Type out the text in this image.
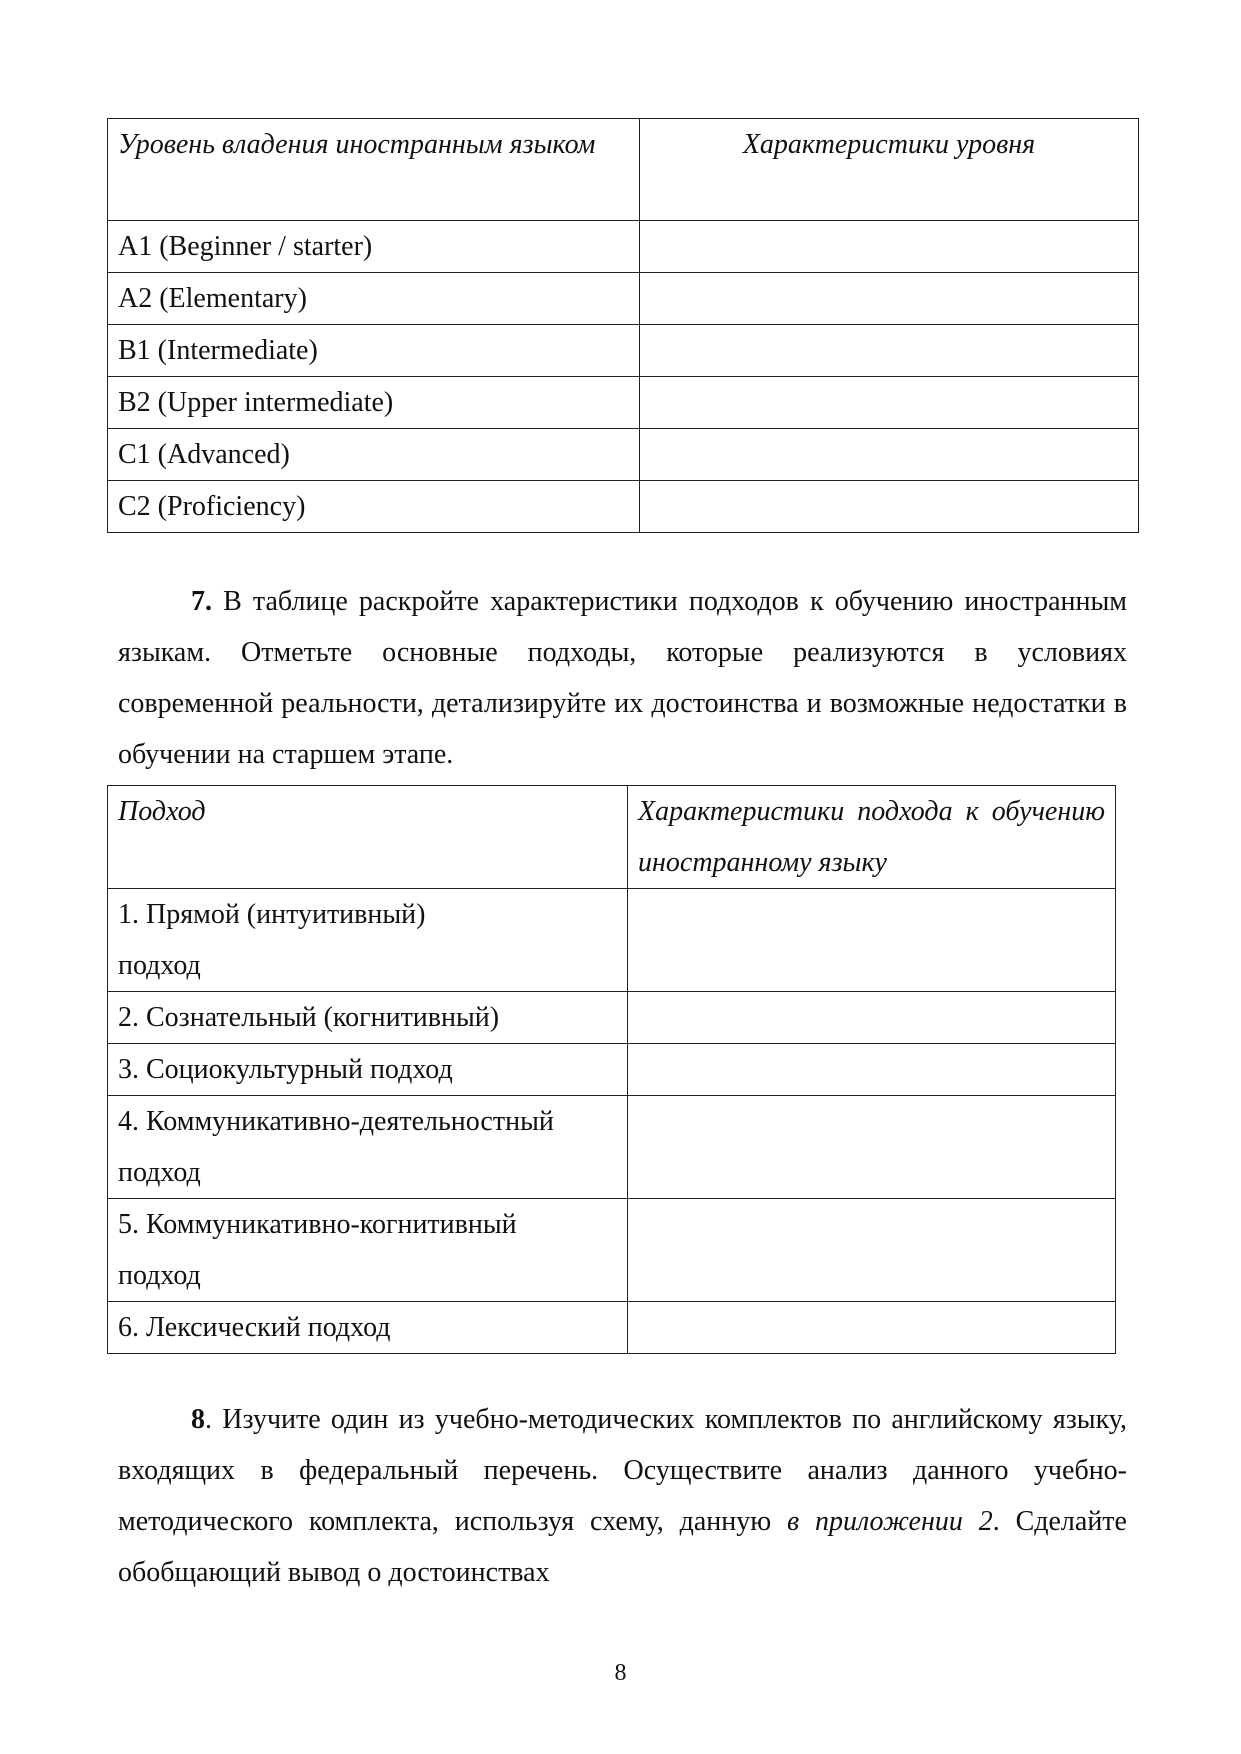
Уровень владения иностранным языком	Характеристики уровня
A1 (Beginner / starter)	
A2 (Elementary)	
B1 (Intermediate)	
B2 (Upper intermediate)	
C1 (Advanced)	
C2 (Proficiency)	
7. В таблице раскройте характеристики подходов к обучению иностранным языкам. Отметьте основные подходы, которые реализуются в условиях современной реальности, детализируйте их достоинства и возможные недостатки в обучении на старшем этапе.
Подход	Характеристики подхода к обучению иностранному языку
1. Прямой (интуитивный) подход	
2. Сознательный (когнитивный)	
3. Социокультурный подход	
4. Коммуникативно-деятельностный подход	
5. Коммуникативно-когнитивный подход	
6. Лексический подход	
8. Изучите один из учебно-методических комплектов по английскому языку, входящих в федеральный перечень. Осуществите анализ данного учебно-методического комплекта, используя схему, данную в приложении 2. Сделайте обобщающий вывод о достоинствах
8
